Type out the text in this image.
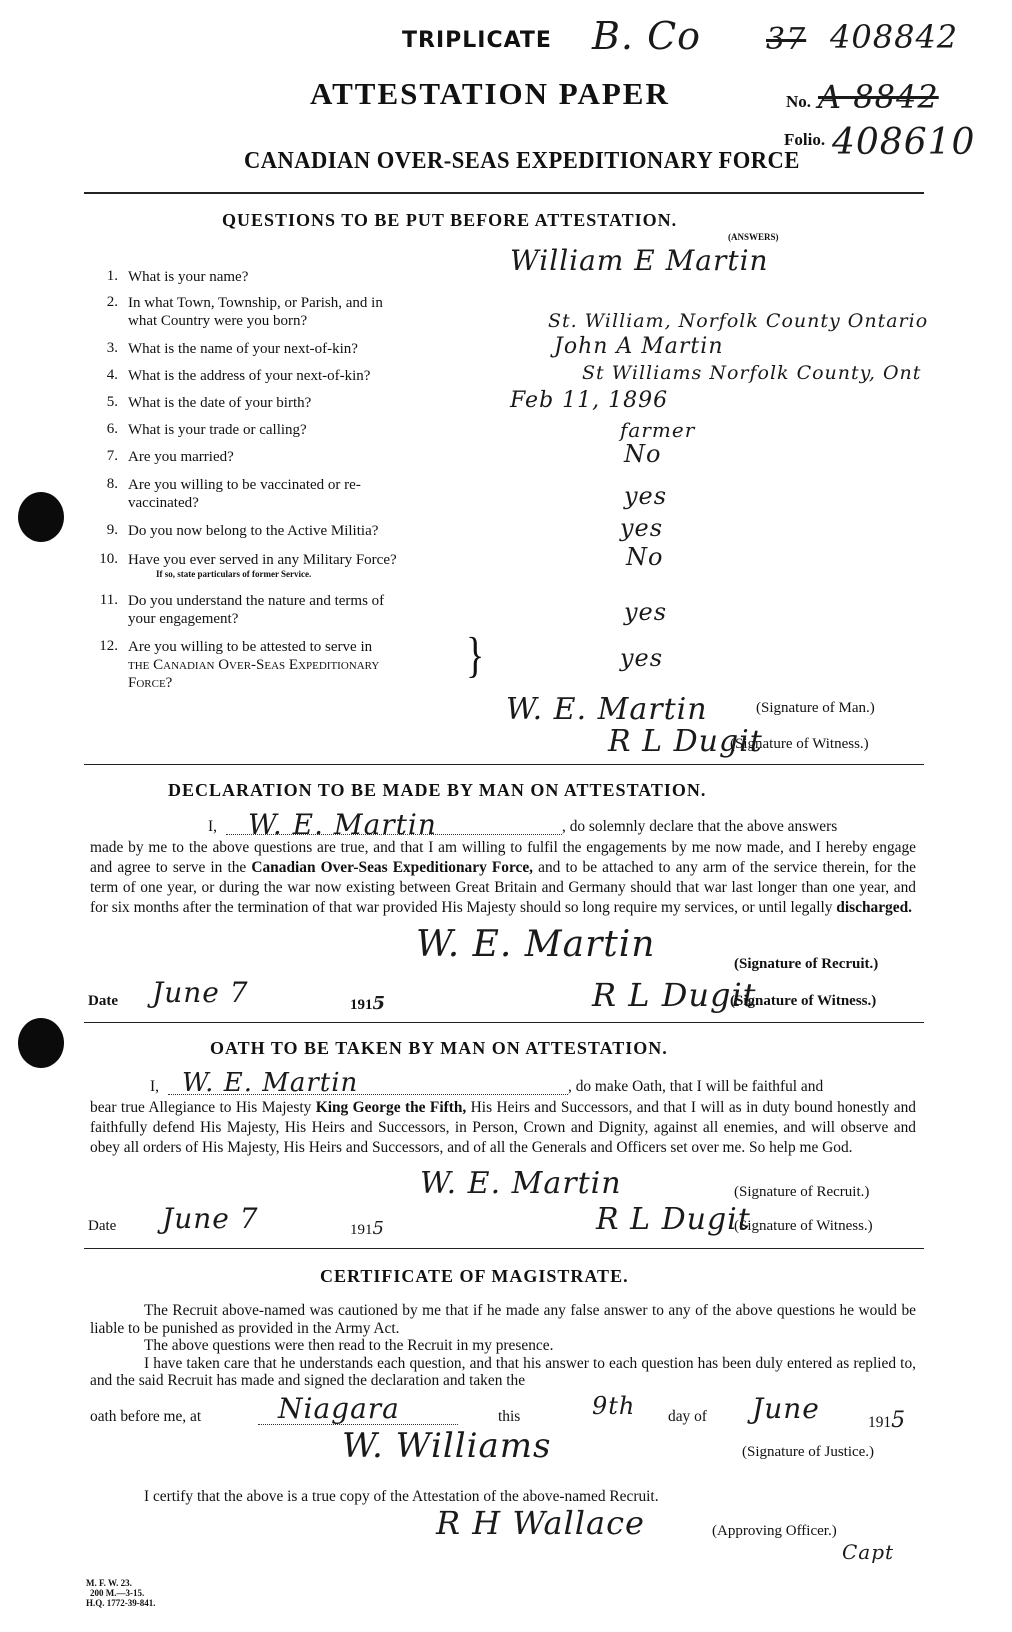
TRIPLICATE B. Co 37 408842
ATTESTATION PAPER	No. A 8842
CANADIAN OVER-SEAS EXPEDITIONARY FORCE
Folio. 408610
QUESTIONS TO BE PUT BEFORE ATTESTATION.
(ANSWERS)
1. What is your name?	William E Martin
2. In what Town, Township, or Parish, and in
what Country were you born?	St. William, Norfolk County Ontario
3. What is the name of your next-of-kin?	John A Martin
4. What is the address of your next-of-kin?	St Williams Norfolk County, Ont
5. What is the date of your birth?	Feb 11, 1896
6. What is your trade or calling?	farmer
7. Are you married?	No
8. Are you willing to be vaccinated or re-
vaccinated?	yes
9. Do you now belong to the Active Militia?	yes
10. Have you ever served in any Military Force?
If so, state particulars of former Service.
No
11. Do you understand the nature and terms of
your engagement?	yes
12. Are you willing to be attested to serve in
the Canadian Over-Seas Expeditionary
Force?	}	yes
W. E. Martin	(Signature of Man.)
R L Dugit
(Signature of Witness.)
DECLARATION TO BE MADE BY MAN ON ATTESTATION.
I, W. E. Martin	, do solemnly declare that the above answers

made by me to the above questions are true, and that I am willing to fulfil the engagements by me now made, and I hereby engage and agree to serve in the Canadian Over-Seas Expeditionary Force, and to be attached to any arm of the service therein, for the term of one year, or during the war now existing between Great Britain and Germany should that war last longer than one year, and for six months after the termination of that war provided His Majesty should so long require my services, or until legally discharged.

W. E. Martin	(Signature of Recruit.)
Date June 7	1915	R L Dugit
(Signature of Witness.)
OATH TO BE TAKEN BY MAN ON ATTESTATION.
I, W. E. Martin	, do make Oath, that I will be faithful and

bear true Allegiance to His Majesty King George the Fifth, His Heirs and Successors, and that I will as in duty bound honestly and faithfully defend His Majesty, His Heirs and Successors, in Person, Crown and Dignity, against all enemies, and will observe and obey all orders of His Majesty, His Heirs and Successors, and of all the Generals and Officers set over me. So help me God.

W. E. Martin	(Signature of Recruit.)
Date June 7	1915	R L Dugit
(Signature of Witness.)
CERTIFICATE OF MAGISTRATE.

The Recruit above-named was cautioned by me that if he made any false answer to any of the above questions he would be liable to be punished as provided in the Army Act.

The above questions were then read to the Recruit in my presence.

I have taken care that he understands each question, and that his answer to each question has been duly entered as replied to, and the said Recruit has made and signed the declaration and taken the

oath before me, at	Niagara	this	9th day of June	1915
W. Williams	(Signature of Justice.)
I certify that the above is a true copy of the Attestation of the above-named Recruit.
R H Wallace	(Approving Officer.)
Capt
M. F. W. 23.
200 M.—3-15.
H.Q. 1772-39-841.
